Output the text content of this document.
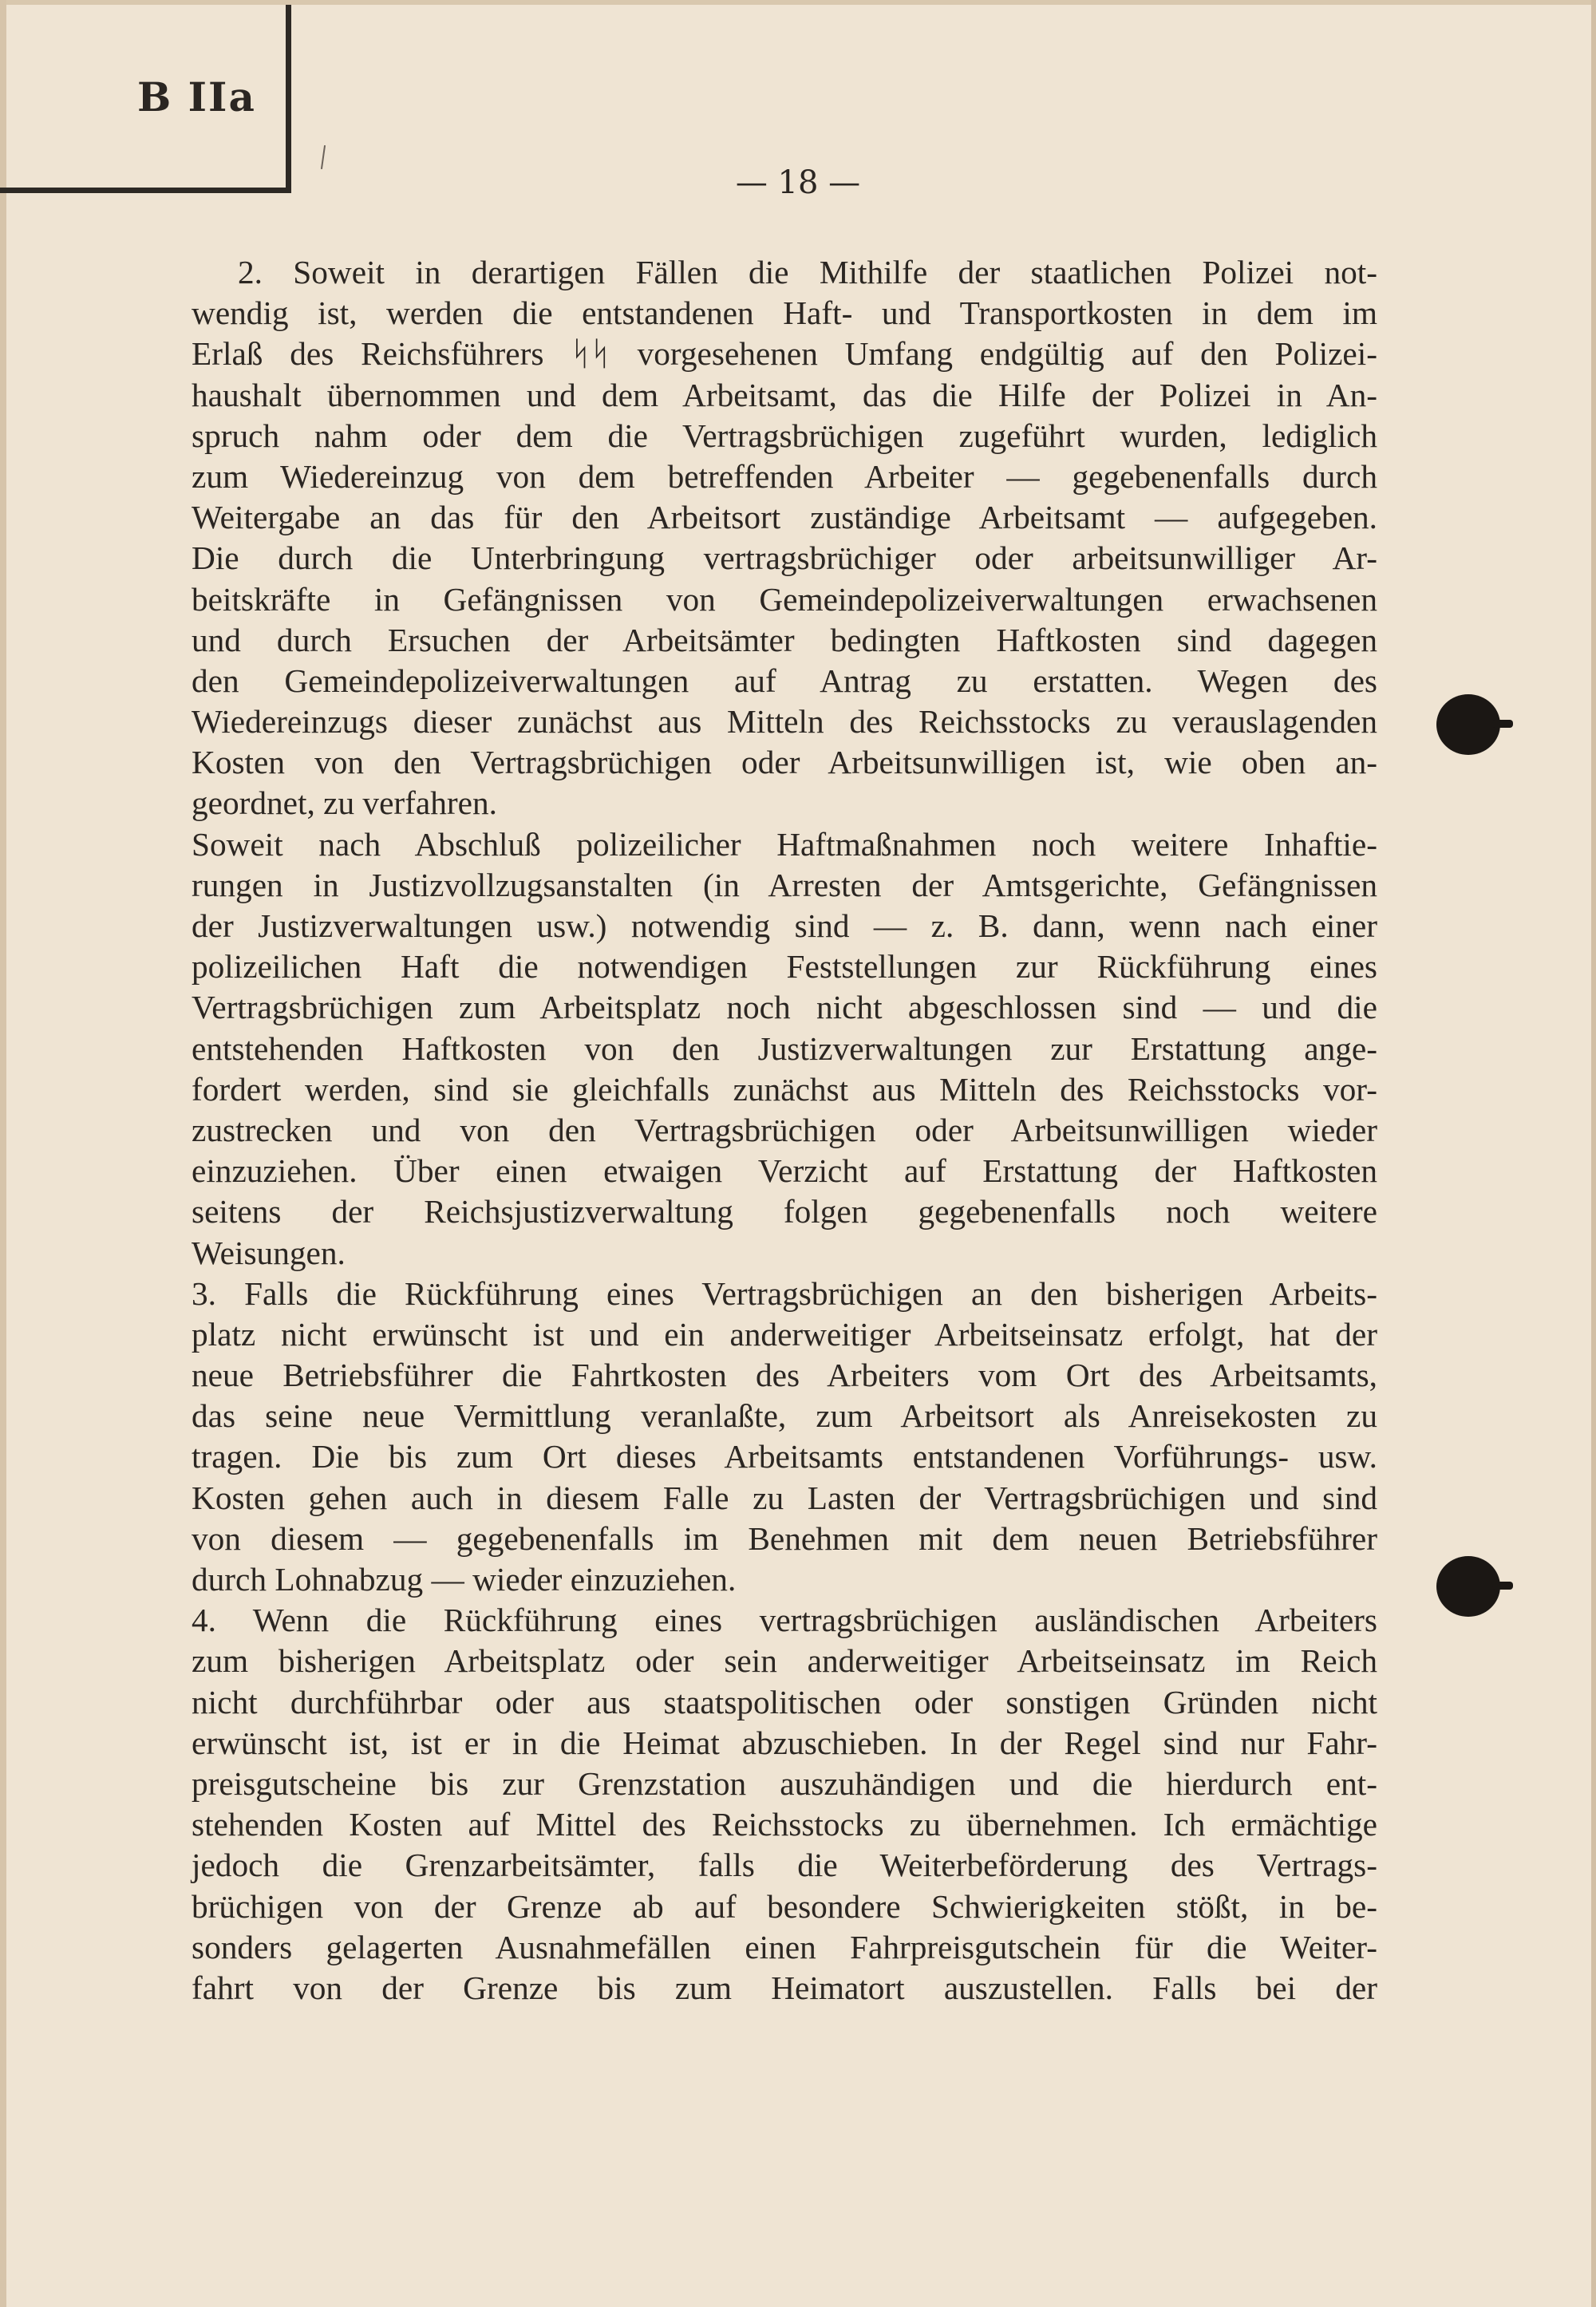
B IIa
— 18 —
2. Soweit in derartigen Fällen die Mithilfe der staatlichen Polizei not-
wendig ist, werden die entstandenen Haft- und Transportkosten in dem im
Erlaß des Reichsführers ᛋᛋ vorgesehenen Umfang endgültig auf den Polizei-
haushalt übernommen und dem Arbeitsamt, das die Hilfe der Polizei in An-
spruch nahm oder dem die Vertragsbrüchigen zugeführt wurden, lediglich
zum Wiedereinzug von dem betreffenden Arbeiter — gegebenenfalls durch
Weitergabe an das für den Arbeitsort zuständige Arbeitsamt — aufgegeben.
Die durch die Unterbringung vertragsbrüchiger oder arbeitsunwilliger Ar-
beitskräfte in Gefängnissen von Gemeindepolizeiverwaltungen erwachsenen
und durch Ersuchen der Arbeitsämter bedingten Haftkosten sind dagegen
den Gemeindepolizeiverwaltungen auf Antrag zu erstatten. Wegen des
Wiedereinzugs dieser zunächst aus Mitteln des Reichsstocks zu verauslagenden
Kosten von den Vertragsbrüchigen oder Arbeitsunwilligen ist, wie oben an-
geordnet, zu verfahren.
Soweit nach Abschluß polizeilicher Haftmaßnahmen noch weitere Inhaftie-
rungen in Justizvollzugsanstalten (in Arresten der Amtsgerichte, Gefängnissen
der Justizverwaltungen usw.) notwendig sind — z. B. dann, wenn nach einer
polizeilichen Haft die notwendigen Feststellungen zur Rückführung eines
Vertragsbrüchigen zum Arbeitsplatz noch nicht abgeschlossen sind — und die
entstehenden Haftkosten von den Justizverwaltungen zur Erstattung ange-
fordert werden, sind sie gleichfalls zunächst aus Mitteln des Reichsstocks vor-
zustrecken und von den Vertragsbrüchigen oder Arbeitsunwilligen wieder
einzuziehen. Über einen etwaigen Verzicht auf Erstattung der Haftkosten
seitens der Reichsjustizverwaltung folgen gegebenenfalls noch weitere
Weisungen.
3. Falls die Rückführung eines Vertragsbrüchigen an den bisherigen Arbeits-
platz nicht erwünscht ist und ein anderweitiger Arbeitseinsatz erfolgt, hat der
neue Betriebsführer die Fahrtkosten des Arbeiters vom Ort des Arbeitsamts,
das seine neue Vermittlung veranlaßte, zum Arbeitsort als Anreisekosten zu
tragen. Die bis zum Ort dieses Arbeitsamts entstandenen Vorführungs- usw.
Kosten gehen auch in diesem Falle zu Lasten der Vertragsbrüchigen und sind
von diesem — gegebenenfalls im Benehmen mit dem neuen Betriebsführer
durch Lohnabzug — wieder einzuziehen.
4. Wenn die Rückführung eines vertragsbrüchigen ausländischen Arbeiters
zum bisherigen Arbeitsplatz oder sein anderweitiger Arbeitseinsatz im Reich
nicht durchführbar oder aus staatspolitischen oder sonstigen Gründen nicht
erwünscht ist, ist er in die Heimat abzuschieben. In der Regel sind nur Fahr-
preisgutscheine bis zur Grenzstation auszuhändigen und die hierdurch ent-
stehenden Kosten auf Mittel des Reichsstocks zu übernehmen. Ich ermächtige
jedoch die Grenzarbeitsämter, falls die Weiterbeförderung des Vertrags-
brüchigen von der Grenze ab auf besondere Schwierigkeiten stößt, in be-
sonders gelagerten Ausnahmefällen einen Fahrpreisgutschein für die Weiter-
fahrt von der Grenze bis zum Heimatort auszustellen. Falls bei der
